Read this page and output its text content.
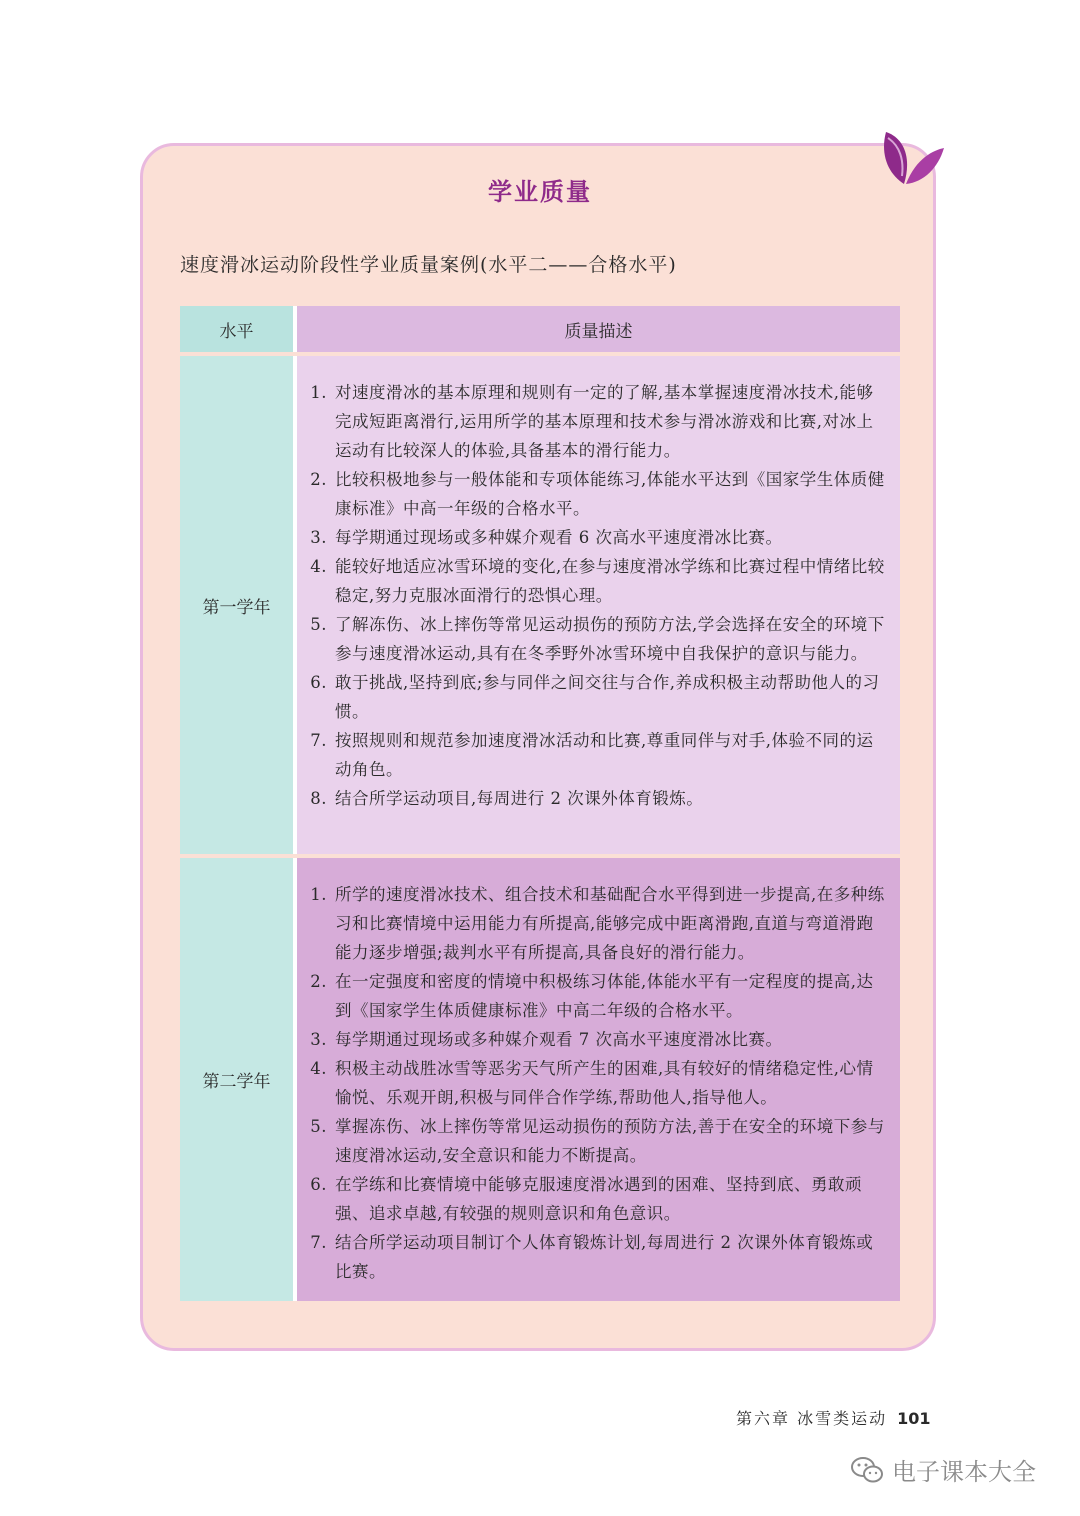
学业质量
速度滑冰运动阶段性学业质量案例(水平二——合格水平)
水平	质量描述
第一学年
1. 对速度滑冰的基本原理和规则有一定的了解,基本掌握速度滑冰技术,能够完成短距离滑行,运用所学的基本原理和技术参与滑冰游戏和比赛,对冰上运动有比较深人的体验,具备基本的滑行能力。
2. 比较积极地参与一般体能和专项体能练习,体能水平达到《国家学生体质健康标准》中高一年级的合格水平。
3. 每学期通过现场或多种媒介观看 6 次高水平速度滑冰比赛。
4. 能较好地适应冰雪环境的变化,在参与速度滑冰学练和比赛过程中情绪比较稳定,努力克服冰面滑行的恐惧心理。
5. 了解冻伤、冰上摔伤等常见运动损伤的预防方法,学会选择在安全的环境下参与速度滑冰运动,具有在冬季野外冰雪环境中自我保护的意识与能力。
6. 敢于挑战,坚持到底;参与同伴之间交往与合作,养成积极主动帮助他人的习惯。
7. 按照规则和规范参加速度滑冰活动和比赛,尊重同伴与对手,体验不同的运动角色。
8. 结合所学运动项目,每周进行 2 次课外体育锻炼。
第二学年
1. 所学的速度滑冰技术、组合技术和基础配合水平得到进一步提高,在多种练习和比赛情境中运用能力有所提高,能够完成中距离滑跑,直道与弯道滑跑能力逐步增强;裁判水平有所提高,具备良好的滑行能力。
2. 在一定强度和密度的情境中积极练习体能,体能水平有一定程度的提高,达到《国家学生体质健康标准》中高二年级的合格水平。
3. 每学期通过现场或多种媒介观看 7 次高水平速度滑冰比赛。
4. 积极主动战胜冰雪等恶劣天气所产生的困难,具有较好的情绪稳定性,心情愉悦、乐观开朗,积极与同伴合作学练,帮助他人,指导他人。
5. 掌握冻伤、冰上摔伤等常见运动损伤的预防方法,善于在安全的环境下参与速度滑冰运动,安全意识和能力不断提高。
6. 在学练和比赛情境中能够克服速度滑冰遇到的困难、坚持到底、勇敢顽强、追求卓越,有较强的规则意识和角色意识。
7. 结合所学运动项目制订个人体育锻炼计划,每周进行 2 次课外体育锻炼或比赛。
第六章 冰雪类运动 101
电子课本大全
